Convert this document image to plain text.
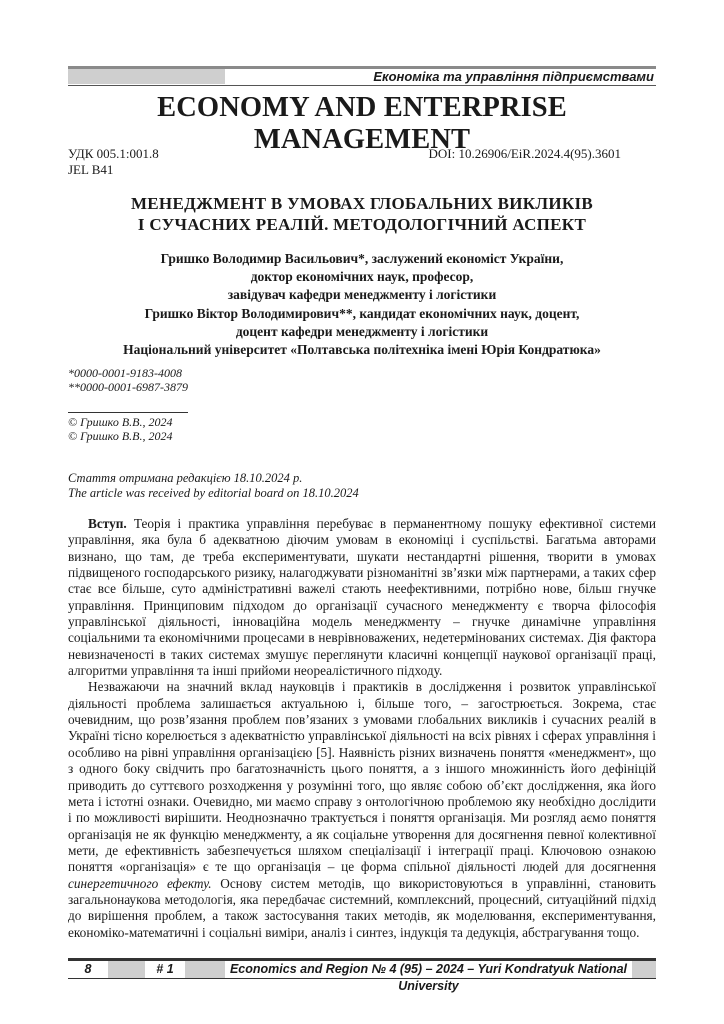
Економіка та управління підприємствами
ECONOMY AND ENTERPRISE MANAGEMENT
УДК 005.1:001.8
JEL B41
DOI: 10.26906/EiR.2024.4(95).3601
МЕНЕДЖМЕНТ В УМОВАХ ГЛОБАЛЬНИХ ВИКЛИКІВ
І СУЧАСНИХ РЕАЛІЙ. МЕТОДОЛОГІЧНИЙ АСПЕКТ
Гришко Володимир Васильович*, заслужений економіст України,
доктор економічних наук, професор,
завідувач кафедри менеджменту і логістики
Гришко Віктор Володимирович**, кандидат економічних наук, доцент,
доцент кафедри менеджменту і логістики
Національний університет «Полтавська політехніка імені Юрія Кондратюка»
*0000-0001-9183-4008
**0000-0001-6987-3879
© Гришко В.В., 2024
© Гришко В.В., 2024
Стаття отримана редакцією 18.10.2024 р.
The article was received by editorial board on 18.10.2024

Вступ. Теорія і практика управління перебуває в перманентному пошуку ефективної системи управління, яка була б адекватною діючим умовам в економіці і суспільстві. Багатьма авторами визнано, що там, де треба експериментувати, шукати нестандартні рішення, творити в умовах підвищеного господарського ризику, налагоджувати різноманітні зв’язки між партнерами, а таких сфер стає все більше, суто адміністративні важелі стають неефективними, потрібно нове, більш гнучке управління. Принциповим підходом до організації сучасного менеджменту є творча філософія управлінської діяльності, інноваційна модель менеджменту – гнучке динамічне управління соціальними та економічними процесами в неврівноважених, недетермінованих системах. Дія фактора невизначеності в таких системах змушує переглянути класичні концепції наукової організації праці, алгоритми управління та інші прийоми неореалістичного підходу.

Незважаючи на значний вклад науковців і практиків в дослідження і розвиток управлінської діяльності проблема залишається актуальною і, більше того, – загострюється. Зокрема, стає очевидним, що розв’язання проблем пов’язаних з умовами глобальних викликів і сучасних реалій в Україні тісно корелюється з адекватністю управлінської діяльності на всіх рівнях і сферах управління і особливо на рівні управління організацією [5]. Наявність різних визначень поняття «менеджмент», що з одного боку свідчить про багатозначність цього поняття, а з іншого множинність його дефініцій приводить до суттєвого розходження у розумінні того, що являє собою об’єкт дослідження, яка його мета і істотні ознаки. Очевидно, ми маємо справу з онтологічною проблемою яку необхідно дослідити і по можливості вирішити. Неоднозначно трактується і поняття організація. Ми розгляд аємо поняття організація не як функцію менеджменту, а як соціальне утворення для досягнення певної колективної мети, де ефективність забезпечується шляхом спеціалізації і інтеграції праці. Ключовою ознакою поняття «організація» є те що організація – це форма спільної діяльності людей для досягнення синергетичного ефекту. Основу систем методів, що використовуються в управлінні, становить загальнонаукова методологія, яка передбачає системний, комплексний, процесний, ситуаційний підхід до вирішення проблем, а також застосування таких методів, як моделювання, експериментування, економіко-математичні і соціальні виміри, аналіз і синтез, індукція та дедукція, абстрагування тощо.

8	# 1	Economics and Region № 4 (95) – 2024 – Yuri Kondratyuk National University
